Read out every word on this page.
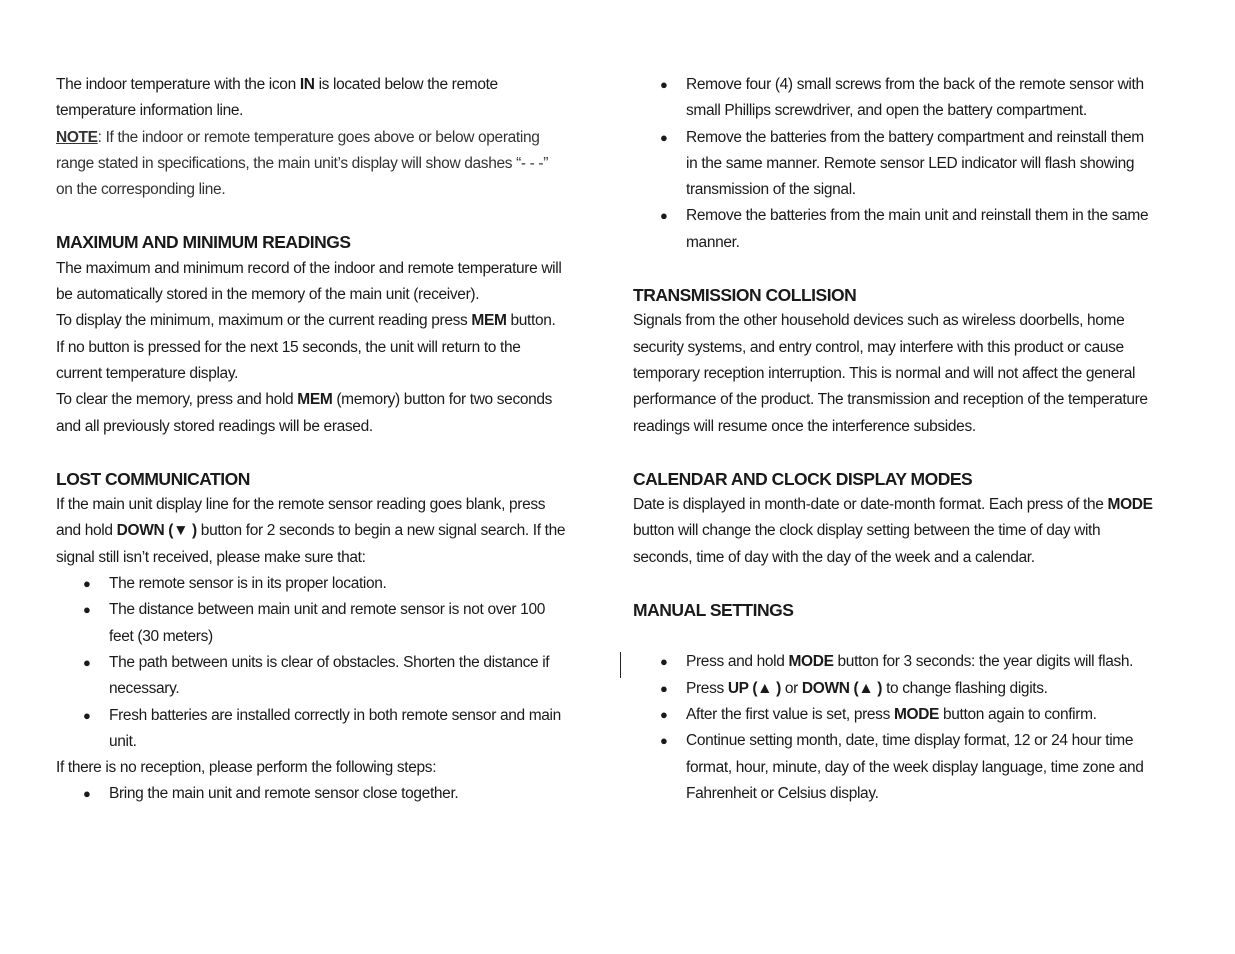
The indoor temperature with the icon IN is located below the remote temperature information line.

NOTE: If the indoor or remote temperature goes above or below operating range stated in specifications, the main unit’s display will show dashes “- - -” on the corresponding line.

MAXIMUM AND MINIMUM READINGS

The maximum and minimum record of the indoor and remote temperature will be automatically stored in the memory of the main unit (receiver).

To display the minimum, maximum or the current reading press MEM button.

If no button is pressed for the next 15 seconds, the unit will return to the current temperature display.

To clear the memory, press and hold MEM (memory) button for two seconds and all previously stored readings will be erased.

LOST COMMUNICATION

If the main unit display line for the remote sensor reading goes blank, press and hold DOWN (▼ ) button for 2 seconds to begin a new signal search. If the signal still isn’t received, please make sure that:

● The remote sensor is in its proper location.
● The distance between main unit and remote sensor is not over 100 feet (30 meters)
● The path between units is clear of obstacles. Shorten the distance if necessary.
● Fresh batteries are installed correctly in both remote sensor and main unit.

If there is no reception, please perform the following steps:

● Bring the main unit and remote sensor close together.
● Remove four (4) small screws from the back of the remote sensor with small Phillips screwdriver, and open the battery compartment.
● Remove the batteries from the battery compartment and reinstall them in the same manner. Remote sensor LED indicator will flash showing transmission of the signal.
● Remove the batteries from the main unit and reinstall them in the same manner.
TRANSMISSION COLLISION

Signals from the other household devices such as wireless doorbells, home security systems, and entry control, may interfere with this product or cause temporary reception interruption. This is normal and will not affect the general performance of the product. The transmission and reception of the temperature readings will resume once the interference subsides.

CALENDAR AND CLOCK DISPLAY MODES

Date is displayed in month-date or date-month format. Each press of the MODE button will change the clock display setting between the time of day with seconds, time of day with the day of the week and a calendar.

MANUAL SETTINGS
● Press and hold MODE button for 3 seconds: the year digits will flash.
● Press UP (▲ ) or DOWN (▲ ) to change flashing digits.
● After the first value is set, press MODE button again to confirm.
● Continue setting month, date, time display format, 12 or 24 hour time format, hour, minute, day of the week display language, time zone and Fahrenheit or Celsius display.
